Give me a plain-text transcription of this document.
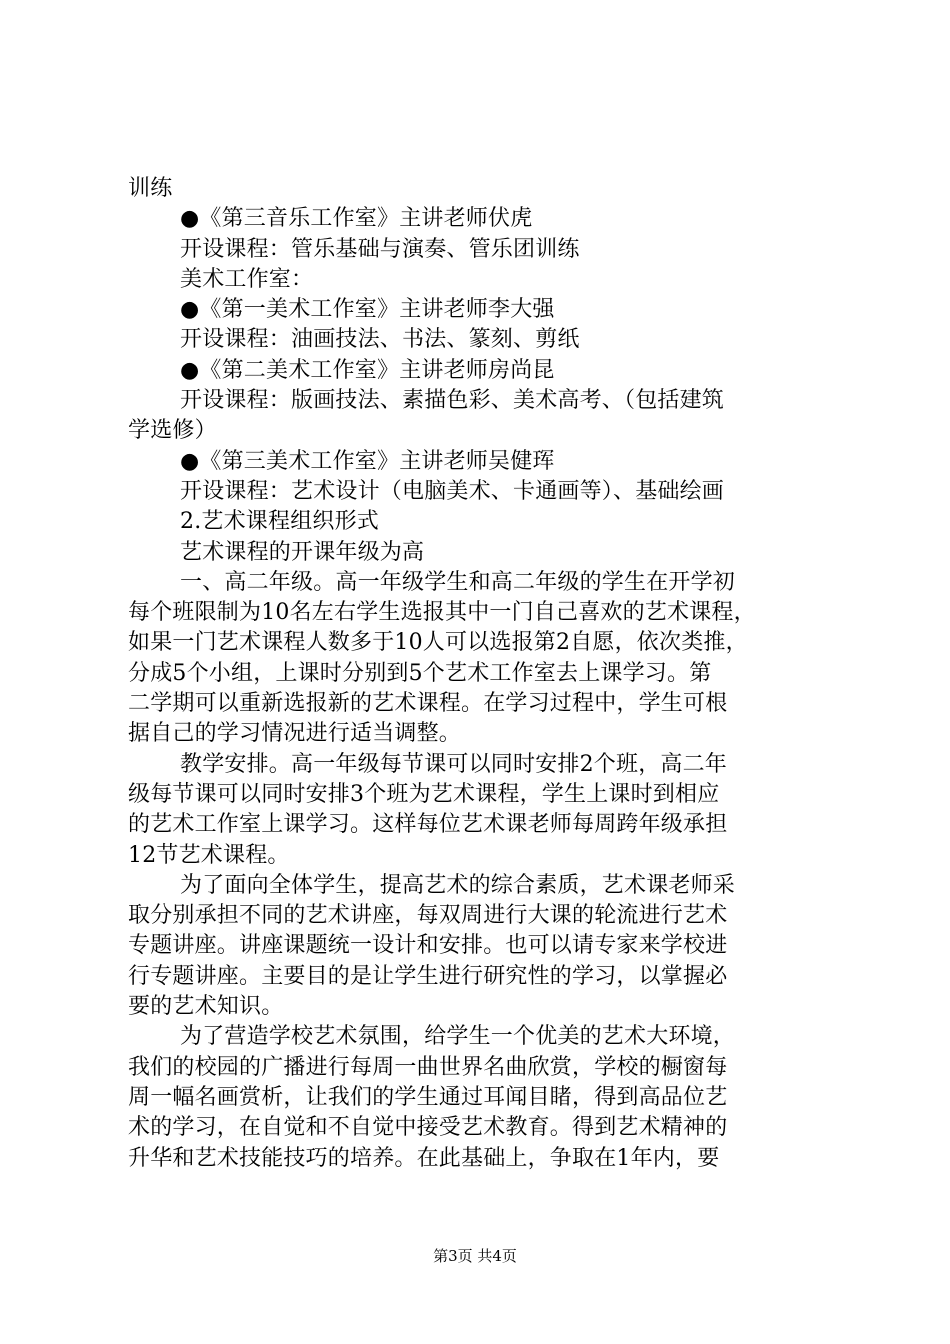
训练
●《第三音乐工作室》主讲老师伏虎
开设课程：管乐基础与演奏、管乐团训练
美术工作室：
●《第一美术工作室》主讲老师李大强
开设课程：油画技法、书法、篆刻、剪纸
●《第二美术工作室》主讲老师房尚昆
开设课程：版画技法、素描色彩、美术高考、（包括建筑
学选修）
●《第三美术工作室》主讲老师吴健珲
开设课程：艺术设计（电脑美术、卡通画等）、基础绘画
2.艺术课程组织形式
艺术课程的开课年级为高
一、高二年级。高一年级学生和高二年级的学生在开学初
每个班限制为10名左右学生选报其中一门自己喜欢的艺术课程，
如果一门艺术课程人数多于10人可以选报第2自愿，依次类推，
分成5个小组，上课时分别到5个艺术工作室去上课学习。第
二学期可以重新选报新的艺术课程。在学习过程中，学生可根
据自己的学习情况进行适当调整。
教学安排。高一年级每节课可以同时安排2个班，高二年
级每节课可以同时安排3个班为艺术课程，学生上课时到相应
的艺术工作室上课学习。这样每位艺术课老师每周跨年级承担
12节艺术课程。
为了面向全体学生，提高艺术的综合素质，艺术课老师采
取分别承担不同的艺术讲座，每双周进行大课的轮流进行艺术
专题讲座。讲座课题统一设计和安排。也可以请专家来学校进
行专题讲座。主要目的是让学生进行研究性的学习，以掌握必
要的艺术知识。
为了营造学校艺术氛围，给学生一个优美的艺术大环境，
我们的校园的广播进行每周一曲世界名曲欣赏，学校的橱窗每
周一幅名画赏析，让我们的学生通过耳闻目睹，得到高品位艺
术的学习，在自觉和不自觉中接受艺术教育。得到艺术精神的
升华和艺术技能技巧的培养。在此基础上，争取在1年内，要
第3页 共4页
